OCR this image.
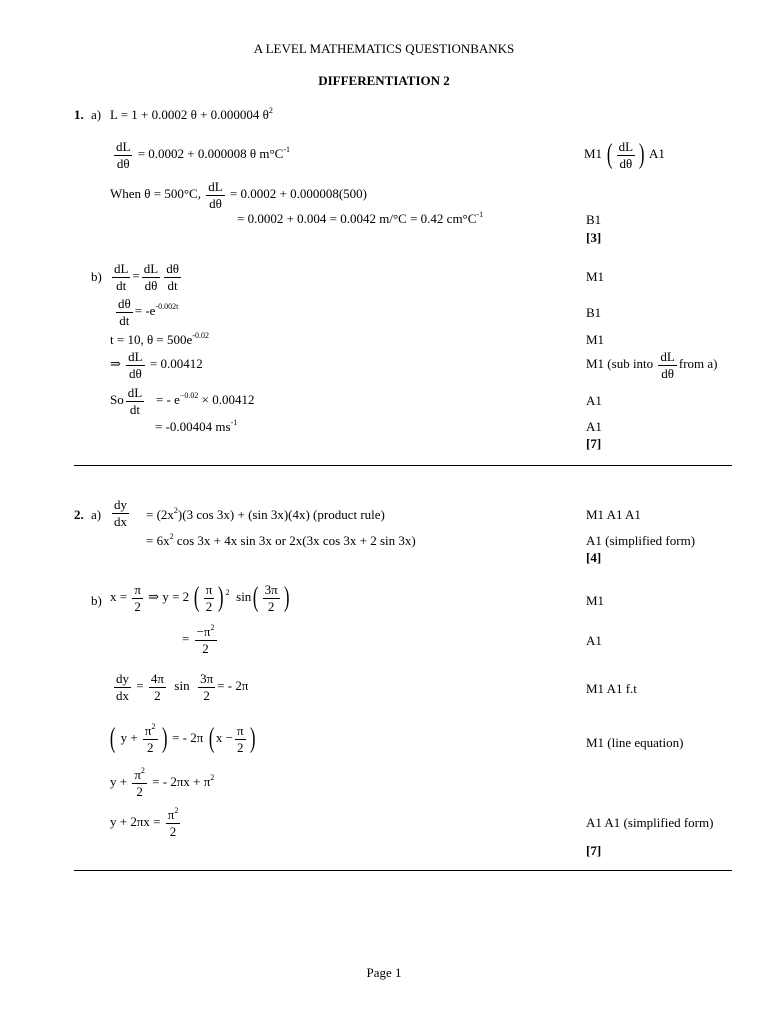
A LEVEL MATHEMATICS QUESTIONBANKS
DIFFERENTIATION 2
1. a) L = 1 + 0.0002 θ + 0.000004 $\theta^2$
$\frac{dL}{d\theta} = 0.0002 + 0.000008$ θ $m^\circ C^{-1}$	M1 ( $\frac{dL}{d\theta}$ ) A1
When θ = 500°C, $\frac{dL}{d\theta} = 0.0002 + 0.000008(500)$
= 0.0002 + 0.004 = 0.0042 m/°C = 0.42 $cm^\circ C^{-1}$	B1
[3]
$b) \frac{dL}{dt} = \frac{dL}{d\theta} \frac{d\theta}{dt}$	M1
$\frac{d\theta}{dt} = -e^{-0.002t}$	B1
t = 10, $\theta = 500e^{-0.02}$	M1
⇒ $\frac{dL}{d\theta} = 0.00412$	M1 (sub into $\frac{dL}{d\theta}$ from a)
So $\frac{dL}{dt}$ = - $e^{-0.02} \times 0.00412$	A1
= -0.00404 $ms^{-1}$	A1
[7]
2. $a) \frac{dy}{dx} = (2x^2)(3$ cos 3x) + (sin 3x)(4x) (product rule)	M1 A1 A1
= $6x^2$ cos 3x + 4x sin 3x or 2x(3x cos 3x + 2 sin 3x)	A1 (simplified form)
[4]
b) $x = \frac{\pi}{2}$ ⇒ y = 2 ( $\frac{\pi}{2}$ ) $^2$ $\sin( \frac{3\pi}{2}$ )	M1
= $\frac{-\pi^2}{2}$	A1
$\frac{dy}{dx} = \frac{4\pi}{2}$ $\sin \frac{3\pi}{2}$ = - 2π	M1 A1 f.t
( $y + \frac{\pi^2}{2}$ ) = - 2π ( $x - \frac{\pi}{2}$ )	M1 (line equation)
$y + \frac{\pi^2}{2}$ = - $2\pi x + \pi^2$
$y + 2\pi x = \frac{\pi^2}{2}$	A1 A1 (simplified form)
[7]
Page 1
